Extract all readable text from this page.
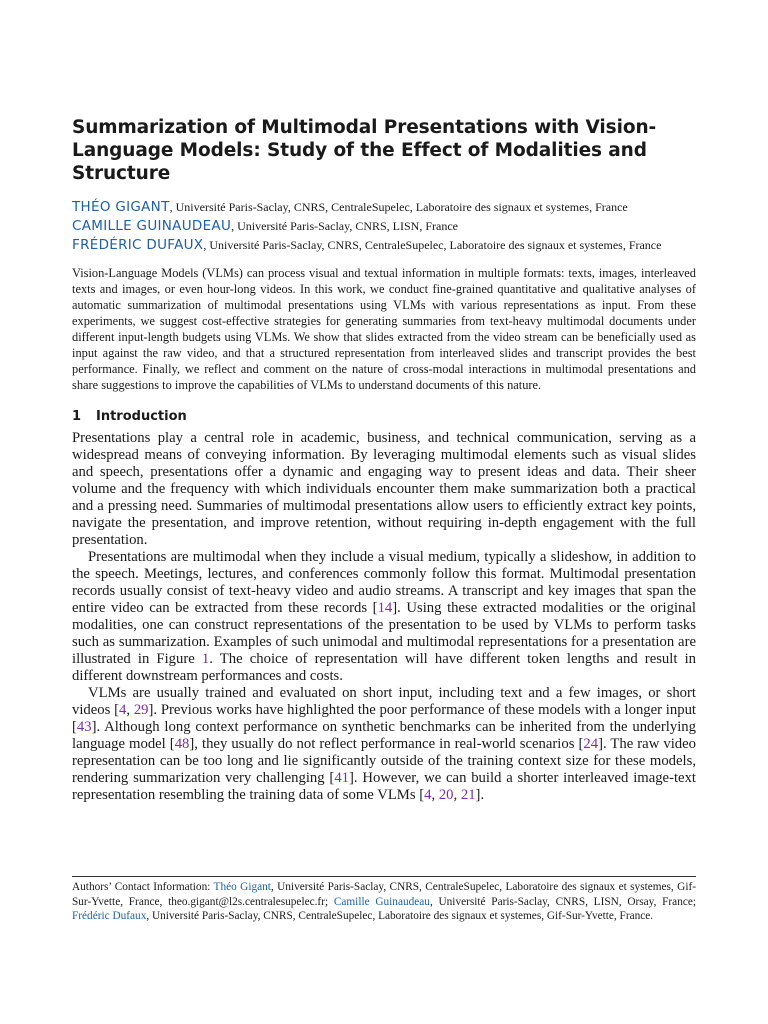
Summarization of Multimodal Presentations with Vision-Language Models: Study of the Effect of Modalities and Structure
THÉO GIGANT, Université Paris-Saclay, CNRS, CentraleSupelec, Laboratoire des signaux et systemes, France
CAMILLE GUINAUDEAU, Université Paris-Saclay, CNRS, LISN, France
FRÉDÉRIC DUFAUX, Université Paris-Saclay, CNRS, CentraleSupelec, Laboratoire des signaux et systemes, France

Vision-Language Models (VLMs) can process visual and textual information in multiple formats: texts, images, interleaved texts and images, or even hour-long videos. In this work, we conduct fine-grained quantitative and qualitative analyses of automatic summarization of multimodal presentations using VLMs with various representations as input. From these experiments, we suggest cost-effective strategies for generating summaries from text-heavy multimodal documents under different input-length budgets using VLMs. We show that slides extracted from the video stream can be beneficially used as input against the raw video, and that a structured representation from interleaved slides and transcript provides the best performance. Finally, we reflect and comment on the nature of cross-modal interactions in multimodal presentations and share suggestions to improve the capabilities of VLMs to understand documents of this nature.

1 Introduction

Presentations play a central role in academic, business, and technical communication, serving as a widespread means of conveying information. By leveraging multimodal elements such as visual slides and speech, presentations offer a dynamic and engaging way to present ideas and data. Their sheer volume and the frequency with which individuals encounter them make summarization both a practical and a pressing need. Summaries of multimodal presentations allow users to efficiently extract key points, navigate the presentation, and improve retention, without requiring in-depth engagement with the full presentation.

Presentations are multimodal when they include a visual medium, typically a slideshow, in addition to the speech. Meetings, lectures, and conferences commonly follow this format. Multimodal presentation records usually consist of text-heavy video and audio streams. A transcript and key images that span the entire video can be extracted from these records [14]. Using these extracted modalities or the original modalities, one can construct representations of the presentation to be used by VLMs to perform tasks such as summarization. Examples of such unimodal and multimodal representations for a presentation are illustrated in Figure 1. The choice of representation will have different token lengths and result in different downstream performances and costs.

VLMs are usually trained and evaluated on short input, including text and a few images, or short videos [4, 29]. Previous works have highlighted the poor performance of these models with a longer input [43]. Although long context performance on synthetic benchmarks can be inherited from the underlying language model [48], they usually do not reflect performance in real-world scenarios [24]. The raw video representation can be too long and lie significantly outside of the training context size for these models, rendering summarization very challenging [41]. However, we can build a shorter interleaved image-text representation resembling the training data of some VLMs [4, 20, 21].

Authors’ Contact Information: Théo Gigant, Université Paris-Saclay, CNRS, CentraleSupelec, Laboratoire des signaux et systemes, Gif-Sur-Yvette, France, theo.gigant@l2s.centralesupelec.fr; Camille Guinaudeau, Université Paris-Saclay, CNRS, LISN, Orsay, France; Frédéric Dufaux, Université Paris-Saclay, CNRS, CentraleSupelec, Laboratoire des signaux et systemes, Gif-Sur-Yvette, France.
